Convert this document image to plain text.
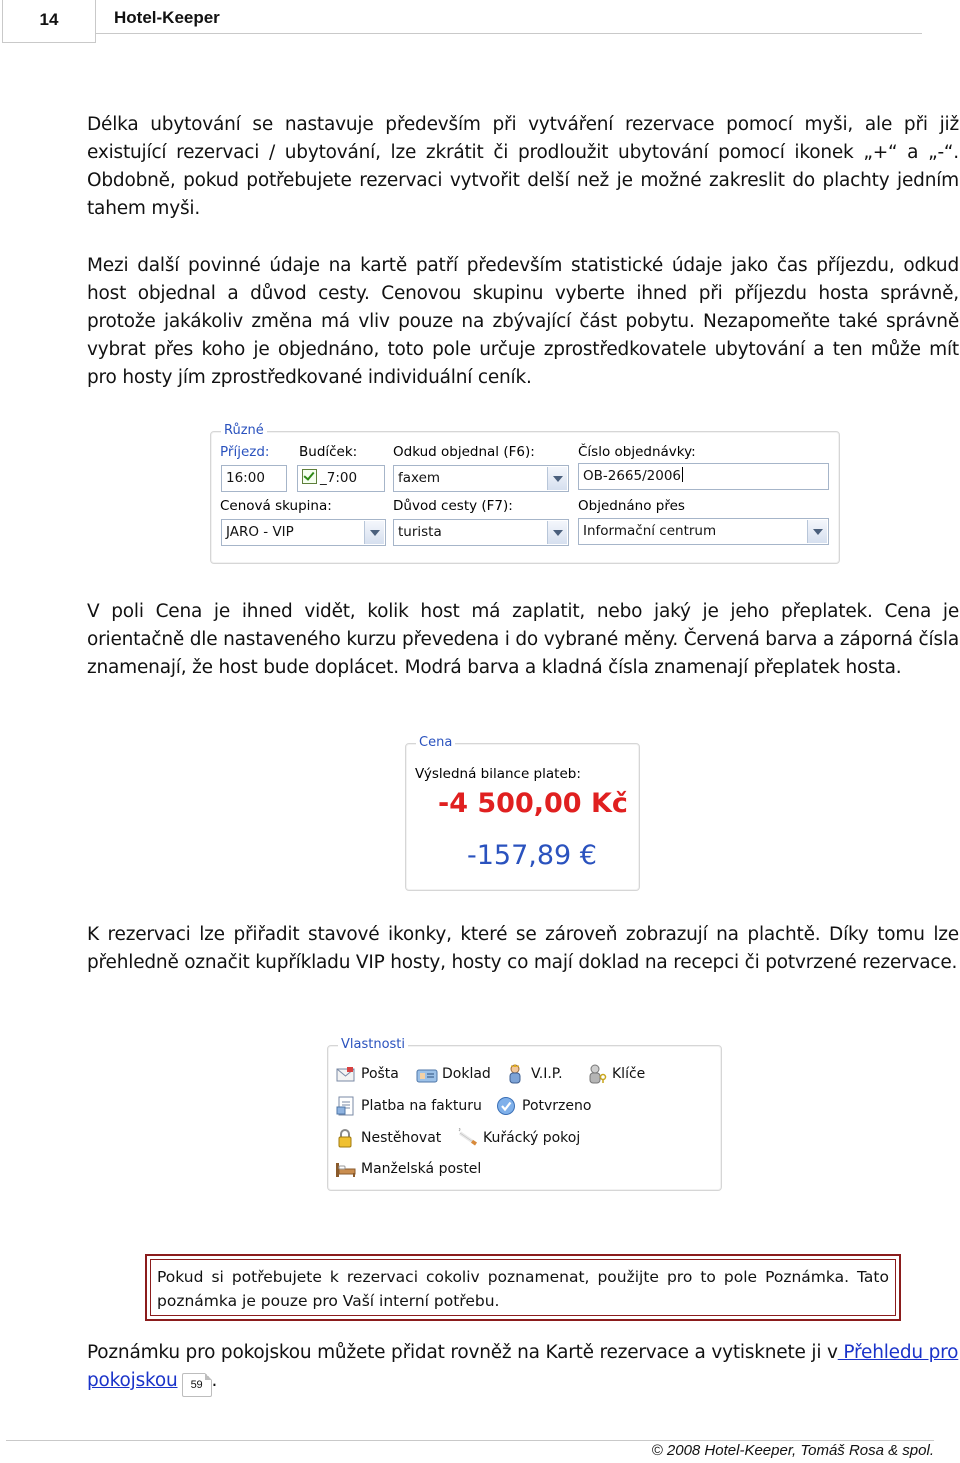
14	Hotel-Keeper

Délka ubytování se nastavuje především při vytváření rezervace pomocí myši, ale při již existující rezervaci / ubytování, lze zkrátit či prodloužit ubytování pomocí ikonek „+“ a „-“. Obdobně, pokud potřebujete rezervaci vytvořit delší než je možné zakreslit do plachty jedním tahem myši.

Mezi další povinné údaje na kartě patří především statistické údaje jako čas příjezdu, odkud host objednal a důvod cesty. Cenovou skupinu vyberte ihned při příjezdu hosta správně, protože jakákoliv změna má vliv pouze na zbývající část pobytu. Nezapomeňte také správně vybrat přes koho je objednáno, toto pole určuje zprostředkovatele ubytování a ten může mít pro hosty jím zprostředkované individuální ceník.

Různé
Příjezd:
16:00
Budíček:
_7:00
Odkud objednal (F6):
faxem
Číslo objednávky:
OB-2665/2006
Cenová skupina:
JARO - VIP
Důvod cesty (F7):
turista
Objednáno přes
Informační centrum

V poli Cena je ihned vidět, kolik host má zaplatit, nebo jaký je jeho přeplatek. Cena je orientačně dle nastaveného kurzu převedena i do vybrané měny. Červená barva a záporná čísla znamenají, že host bude doplácet. Modrá barva a kladná čísla znamenají přeplatek hosta.

Cena
Výsledná bilance plateb:
-4 500,00 Kč
-157,89 €

K rezervaci lze přiřadit stavové ikonky, které se zároveň zobrazují na plachtě. Díky tomu lze přehledně označit kupříkladu VIP hosty, hosty co mají doklad na recepci či potvrzené rezervace.

Vlastnosti
Pošta	Doklad	V.I.P.	Klíče
Platba na fakturu	Potvrzeno
Nestěhovat	Kuřácký pokoj
Manželská postel

Pokud si potřebujete k rezervaci cokoliv poznamenat, použijte pro to pole Poznámka. Tato poznámka je pouze pro Vaší interní potřebu.

Poznámku pro pokojskou můžete přidat rovněž na Kartě rezervace a vytisknete ji v Přehledu pro pokojskou 59 .

© 2008 Hotel-Keeper, Tomáš Rosa & spol.
